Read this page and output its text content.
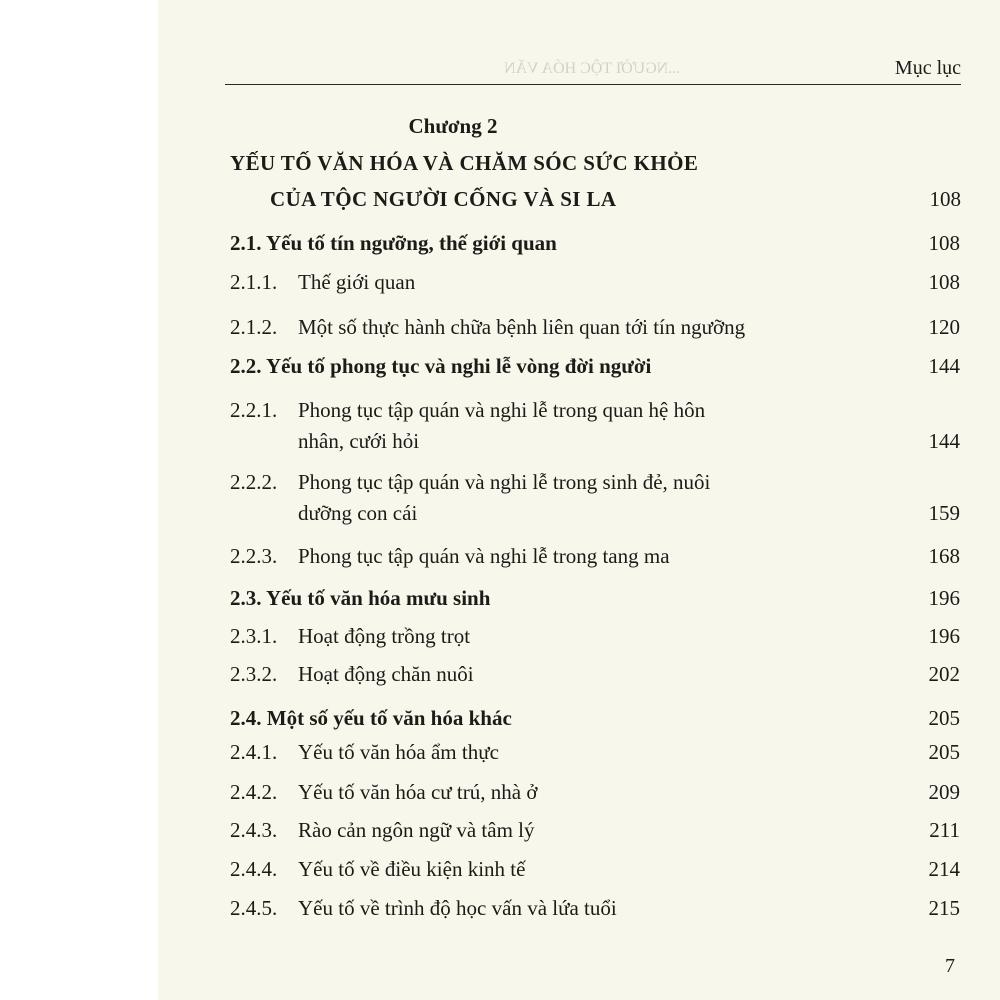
...NGƯỜI TỘC HÓA VĂN	Mục lục
Chương 2
YẾU TỐ VĂN HÓA VÀ CHĂM SÓC SỨC KHỎE
CỦA TỘC NGƯỜI CỐNG VÀ SI LA	108
2.1. Yếu tố tín ngưỡng, thế giới quan	108
2.1.1. Thế giới quan	108
2.1.2. Một số thực hành chữa bệnh liên quan tới tín ngưỡng	120
2.2. Yếu tố phong tục và nghi lễ vòng đời người	144
2.2.1. Phong tục tập quán và nghi lễ trong quan hệ hôn
nhân, cưới hỏi	144
2.2.2. Phong tục tập quán và nghi lễ trong sinh đẻ, nuôi
dưỡng con cái	159
2.2.3. Phong tục tập quán và nghi lễ trong tang ma	168
2.3. Yếu tố văn hóa mưu sinh	196
2.3.1. Hoạt động trồng trọt	196
2.3.2. Hoạt động chăn nuôi	202
2.4. Một số yếu tố văn hóa khác	205
2.4.1. Yếu tố văn hóa ẩm thực	205
2.4.2. Yếu tố văn hóa cư trú, nhà ở	209
2.4.3. Rào cản ngôn ngữ và tâm lý	211
2.4.4. Yếu tố về điều kiện kinh tế	214
2.4.5. Yếu tố về trình độ học vấn và lứa tuổi	215
7
